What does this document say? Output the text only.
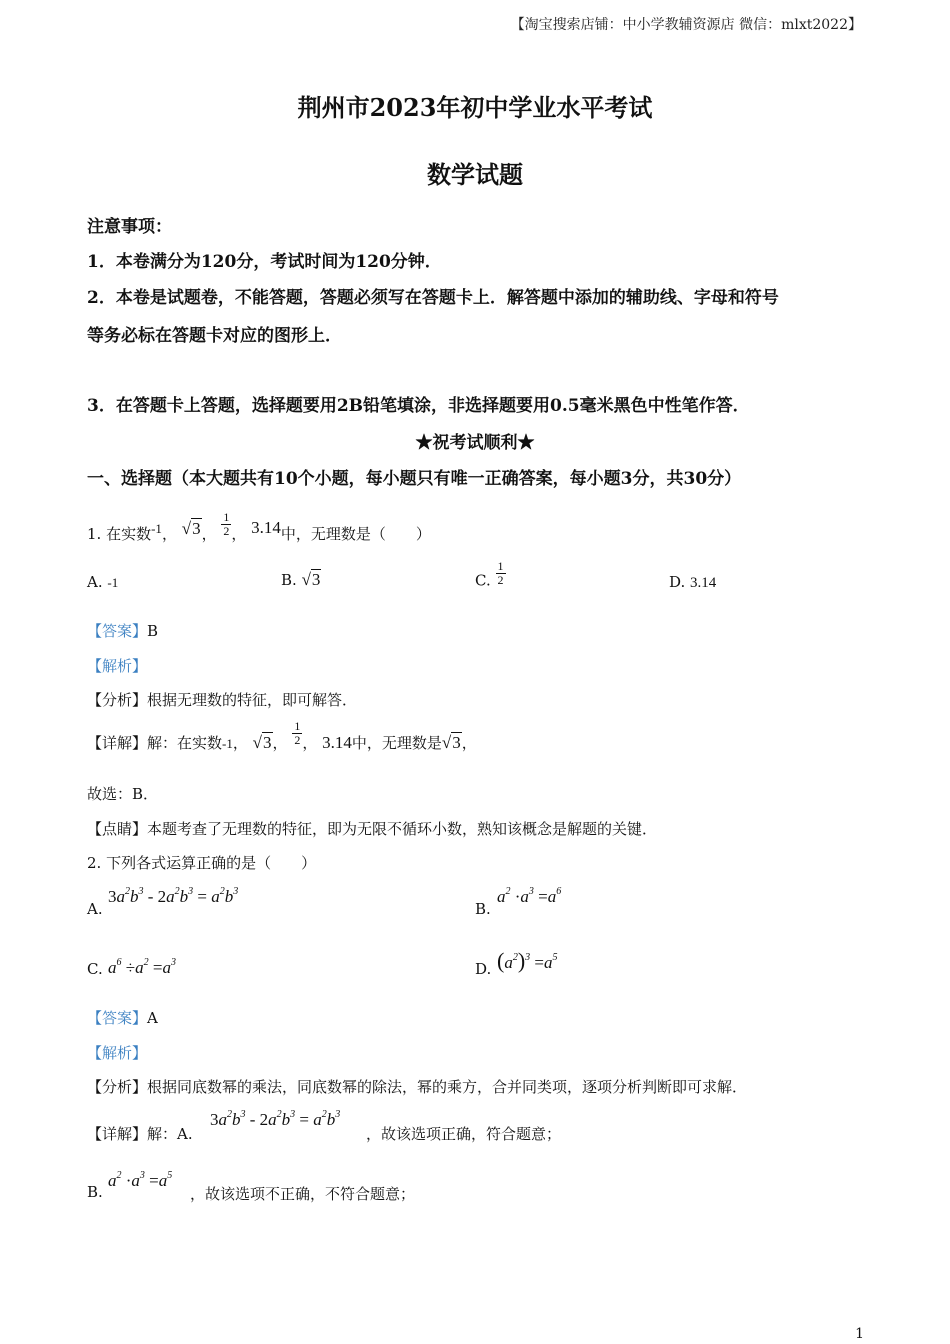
【淘宝搜索店铺：中小学教辅资源店 微信：mlxt2022】
荆州市2023年初中学业水平考试
数学试题
注意事项：
1．本卷满分为120分，考试时间为120分钟．
2．本卷是试题卷，不能答题，答题必须写在答题卡上．解答题中添加的辅助线、字母和符号
等务必标在答题卡对应的图形上．
3．在答题卡上答题，选择题要用2B铅笔填涂，非选择题要用0.5毫米黑色中性笔作答．
★祝考试顺利★
一、选择题（本大题共有10个小题，每小题只有唯一正确答案，每小题3分，共30分）
1. 在实数-1， √3， $\frac{1}{2}$ ， 3.14中，无理数是（　　）
A. -1	B. √3	C. $\frac{1}{2}$	D. 3.14
【答案】B
【解析】
【分析】根据无理数的特征，即可解答．
【详解】解：在实数-1， √3， $\frac{1}{2}$ ， 3.14中，无理数是√3，
故选：B．
【点睛】本题考查了无理数的特征，即为无限不循环小数，熟知该概念是解题的关键．
2. 下列各式运算正确的是（　　）
A.
$3a^2b^3 - 2a^2b^3 = a^2b^3$
B.
$a^2 \cdot a^3 =a^6$
C. $a^6 \div a^2 =a^3$	D. $(a^2)^3 =a^5$
【答案】A
【解析】
【分析】根据同底数幂的乘法，同底数幂的除法，幂的乘方，合并同类项，逐项分析判断即可求解．
【详解】解：A.
$3a^2b^3 - 2a^2b^3 = a^2b^3$
，故该选项正确，符合题意；
B.
$a^2 \cdot a^3 =a^5$
，故该选项不正确，不符合题意；
1
